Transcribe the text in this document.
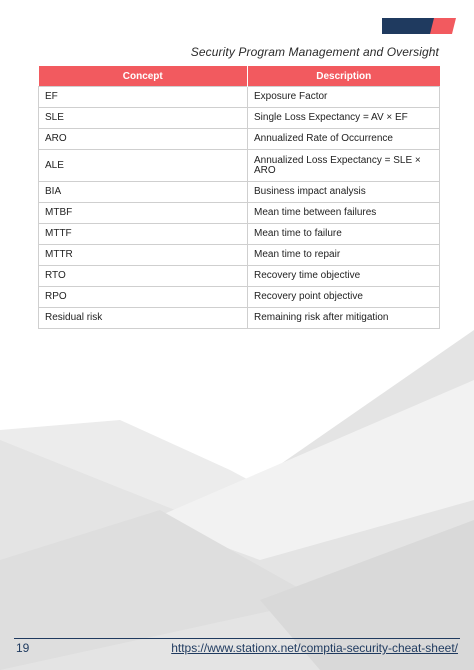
Security Program Management and Oversight
Concept	Description
EF	Exposure Factor
SLE	Single Loss Expectancy = AV × EF
ARO	Annualized Rate of Occurrence
ALE	Annualized Loss Expectancy = SLE × ARO
BIA	Business impact analysis
MTBF	Mean time between failures
MTTF	Mean time to failure
MTTR	Mean time to repair
RTO	Recovery time objective
RPO	Recovery point objective
Residual risk	Remaining risk after mitigation
19	https://www.stationx.net/comptia-security-cheat-sheet/
